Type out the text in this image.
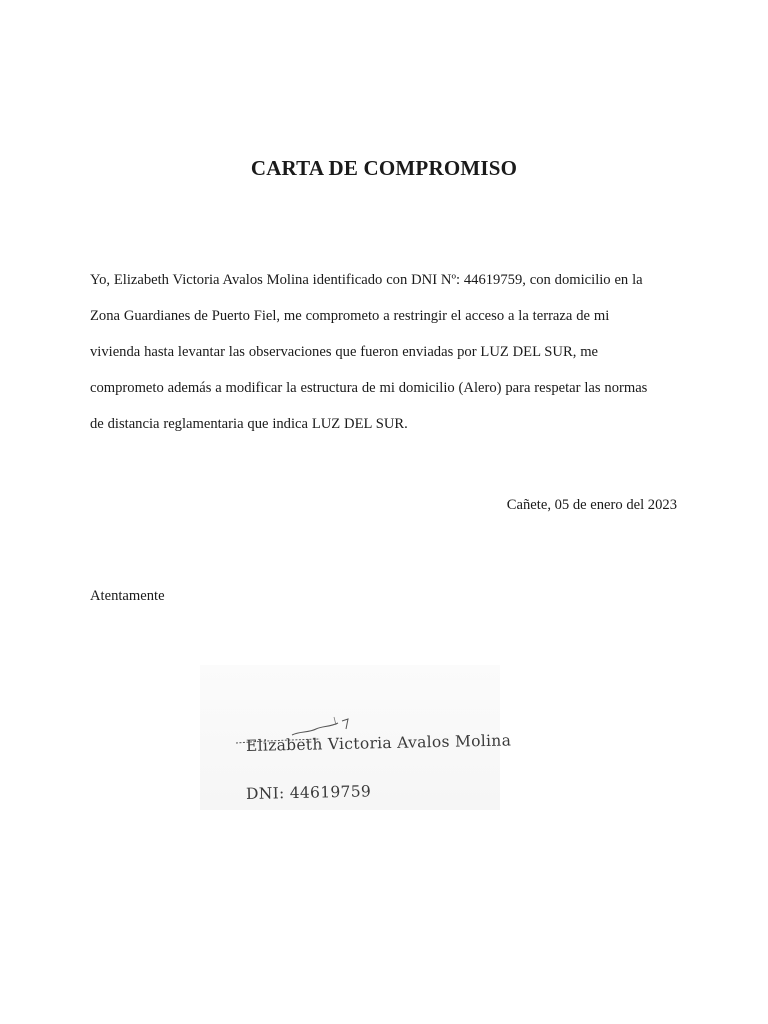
CARTA DE COMPROMISO

Yo, Elizabeth Victoria Avalos Molina identificado con DNI Nº: 44619759, con domicilio en la
Zona Guardianes de Puerto Fiel, me comprometo a restringir el acceso a la terraza de mi
vivienda hasta levantar las observaciones que fueron enviadas por LUZ DEL SUR, me
comprometo además a modificar la estructura de mi domicilio (Alero) para respetar las normas
de distancia reglamentaria que indica LUZ DEL SUR.

Cañete, 05 de enero del 2023

Atentamente

Elizabeth Victoria Avalos Molina
DNI: 44619759
